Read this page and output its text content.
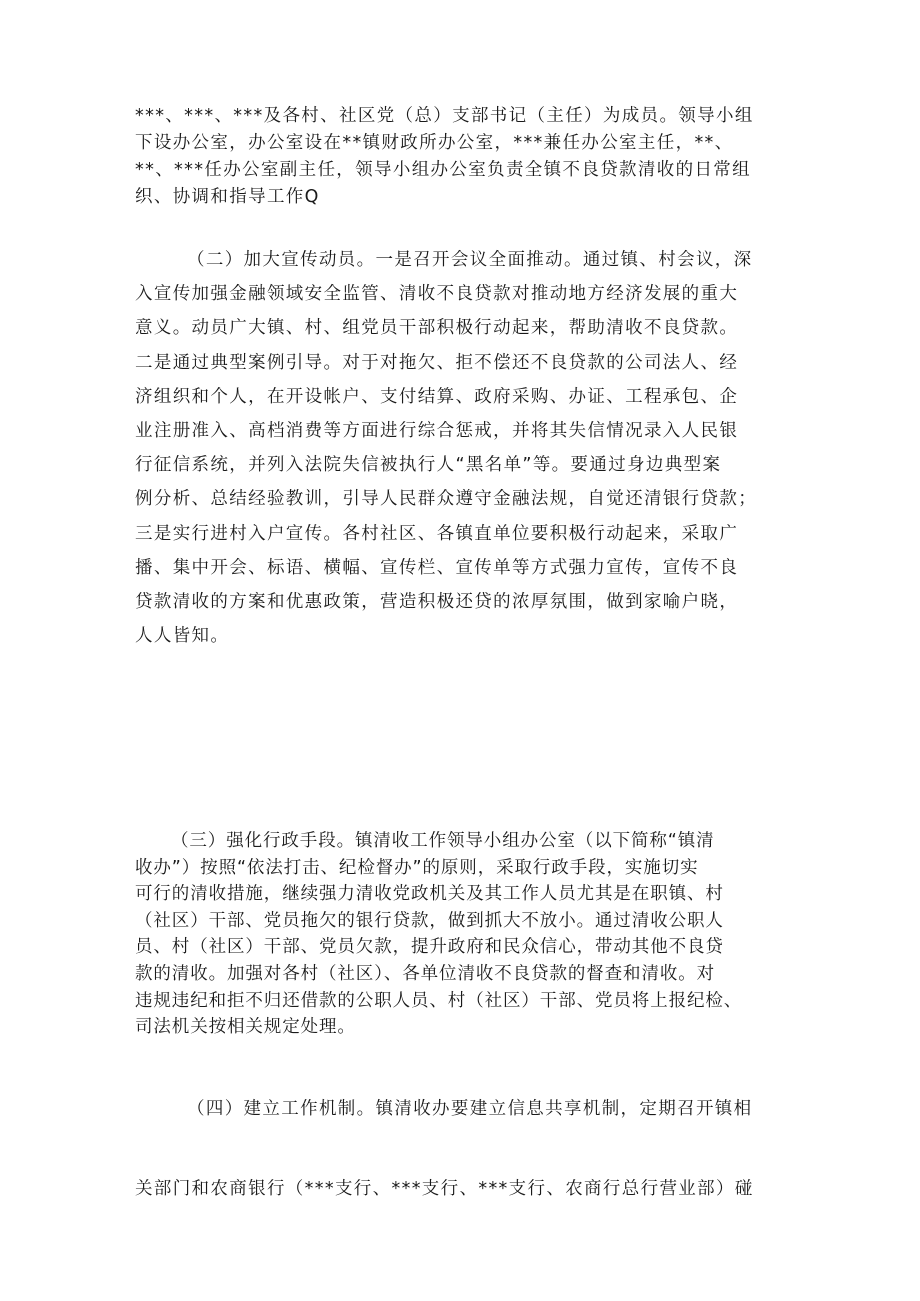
***、***、***及各村、社区党（总）支部书记（主任）为成员。领导小组
下设办公室，办公室设在**镇财政所办公室，***兼任办公室主任，**、
**、***任办公室副主任，领导小组办公室负责全镇不良贷款清收的日常组
织、协调和指导工作Q
（二）加大宣传动员。一是召开会议全面推动。通过镇、村会议，深
入宣传加强金融领域安全监管、清收不良贷款对推动地方经济发展的重大
意义。动员广大镇、村、组党员干部积极行动起来，帮助清收不良贷款。
二是通过典型案例引导。对于对拖欠、拒不偿还不良贷款的公司法人、经
济组织和个人，在开设帐户、支付结算、政府采购、办证、工程承包、企
业注册准入、高档消费等方面进行综合惩戒，并将其失信情况录入人民银
行征信系统，并列入法院失信被执行人“黑名单”等。要通过身边典型案
例分析、总结经验教训，引导人民群众遵守金融法规，自觉还清银行贷款；
三是实行进村入户宣传。各村社区、各镇直单位要积极行动起来，采取广
播、集中开会、标语、横幅、宣传栏、宣传单等方式强力宣传，宣传不良
贷款清收的方案和优惠政策，营造积极还贷的浓厚氛围，做到家喻户晓，
人人皆知。
（三）强化行政手段。镇清收工作领导小组办公室（以下简称“镇清
收办”）按照“依法打击、纪检督办”的原则，采取行政手段，实施切实
可行的清收措施，继续强力清收党政机关及其工作人员尤其是在职镇、村
（社区）干部、党员拖欠的银行贷款，做到抓大不放小。通过清收公职人
员、村（社区）干部、党员欠款，提升政府和民众信心，带动其他不良贷
款的清收。加强对各村（社区）、各单位清收不良贷款的督查和清收。对
违规违纪和拒不归还借款的公职人员、村（社区）干部、党员将上报纪检、
司法机关按相关规定处理。
（四）建立工作机制。镇清收办要建立信息共享机制，定期召开镇相
关部门和农商银行（***支行、***支行、***支行、农商行总行营业部）碰
